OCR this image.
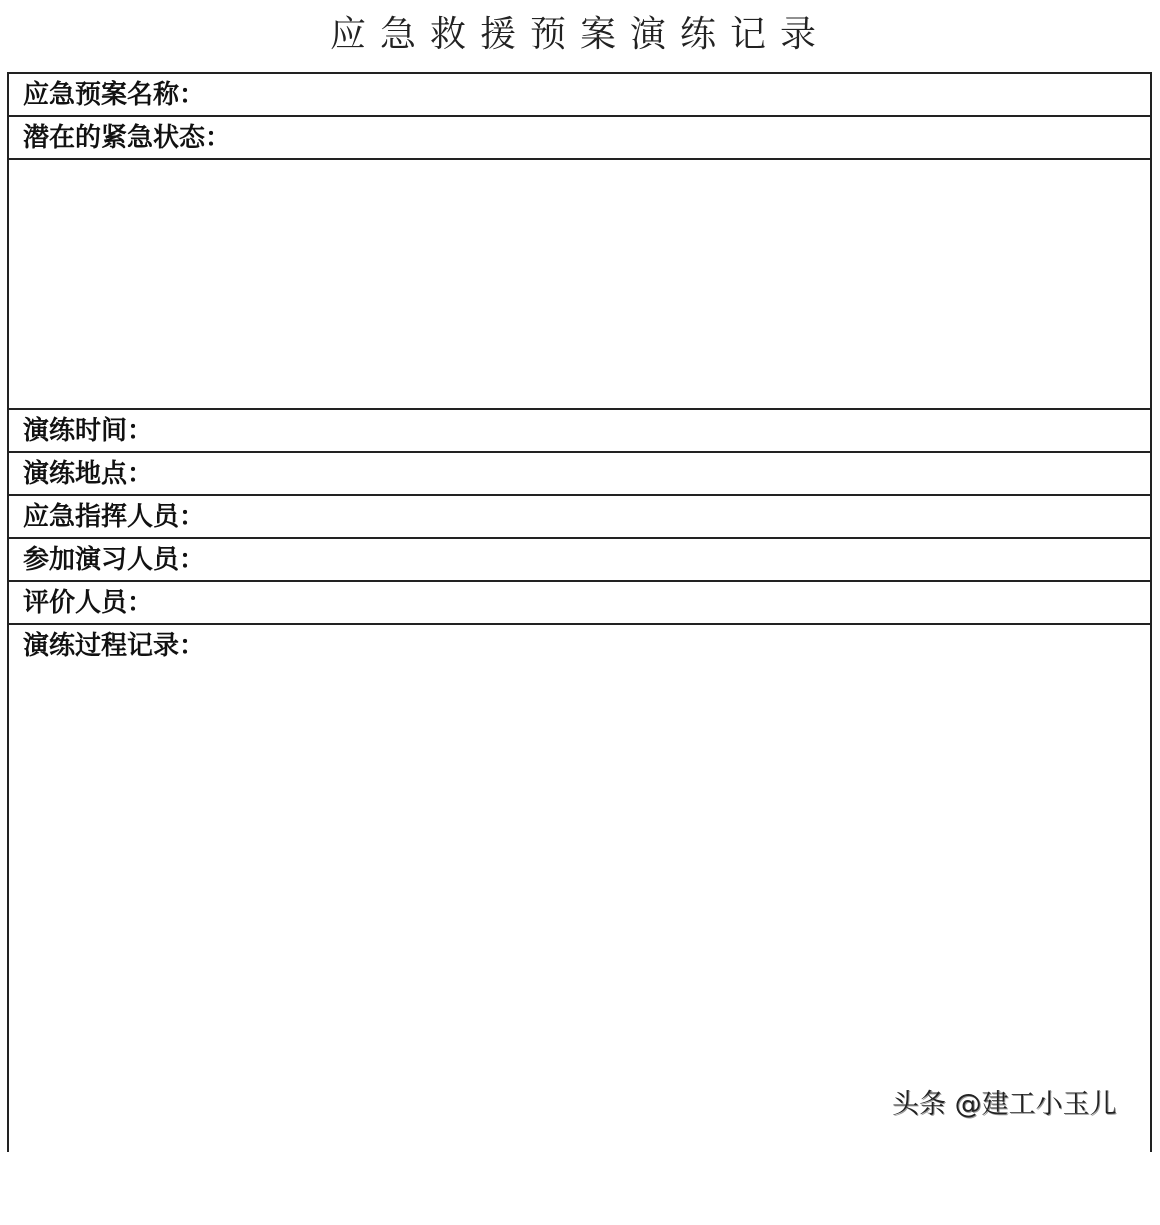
应急救援预案演练记录
应急预案名称：
潜在的紧急状态：
演练时间：
演练地点：
应急指挥人员：
参加演习人员：
评价人员：
演练过程记录：
头条 @建工小玉儿
